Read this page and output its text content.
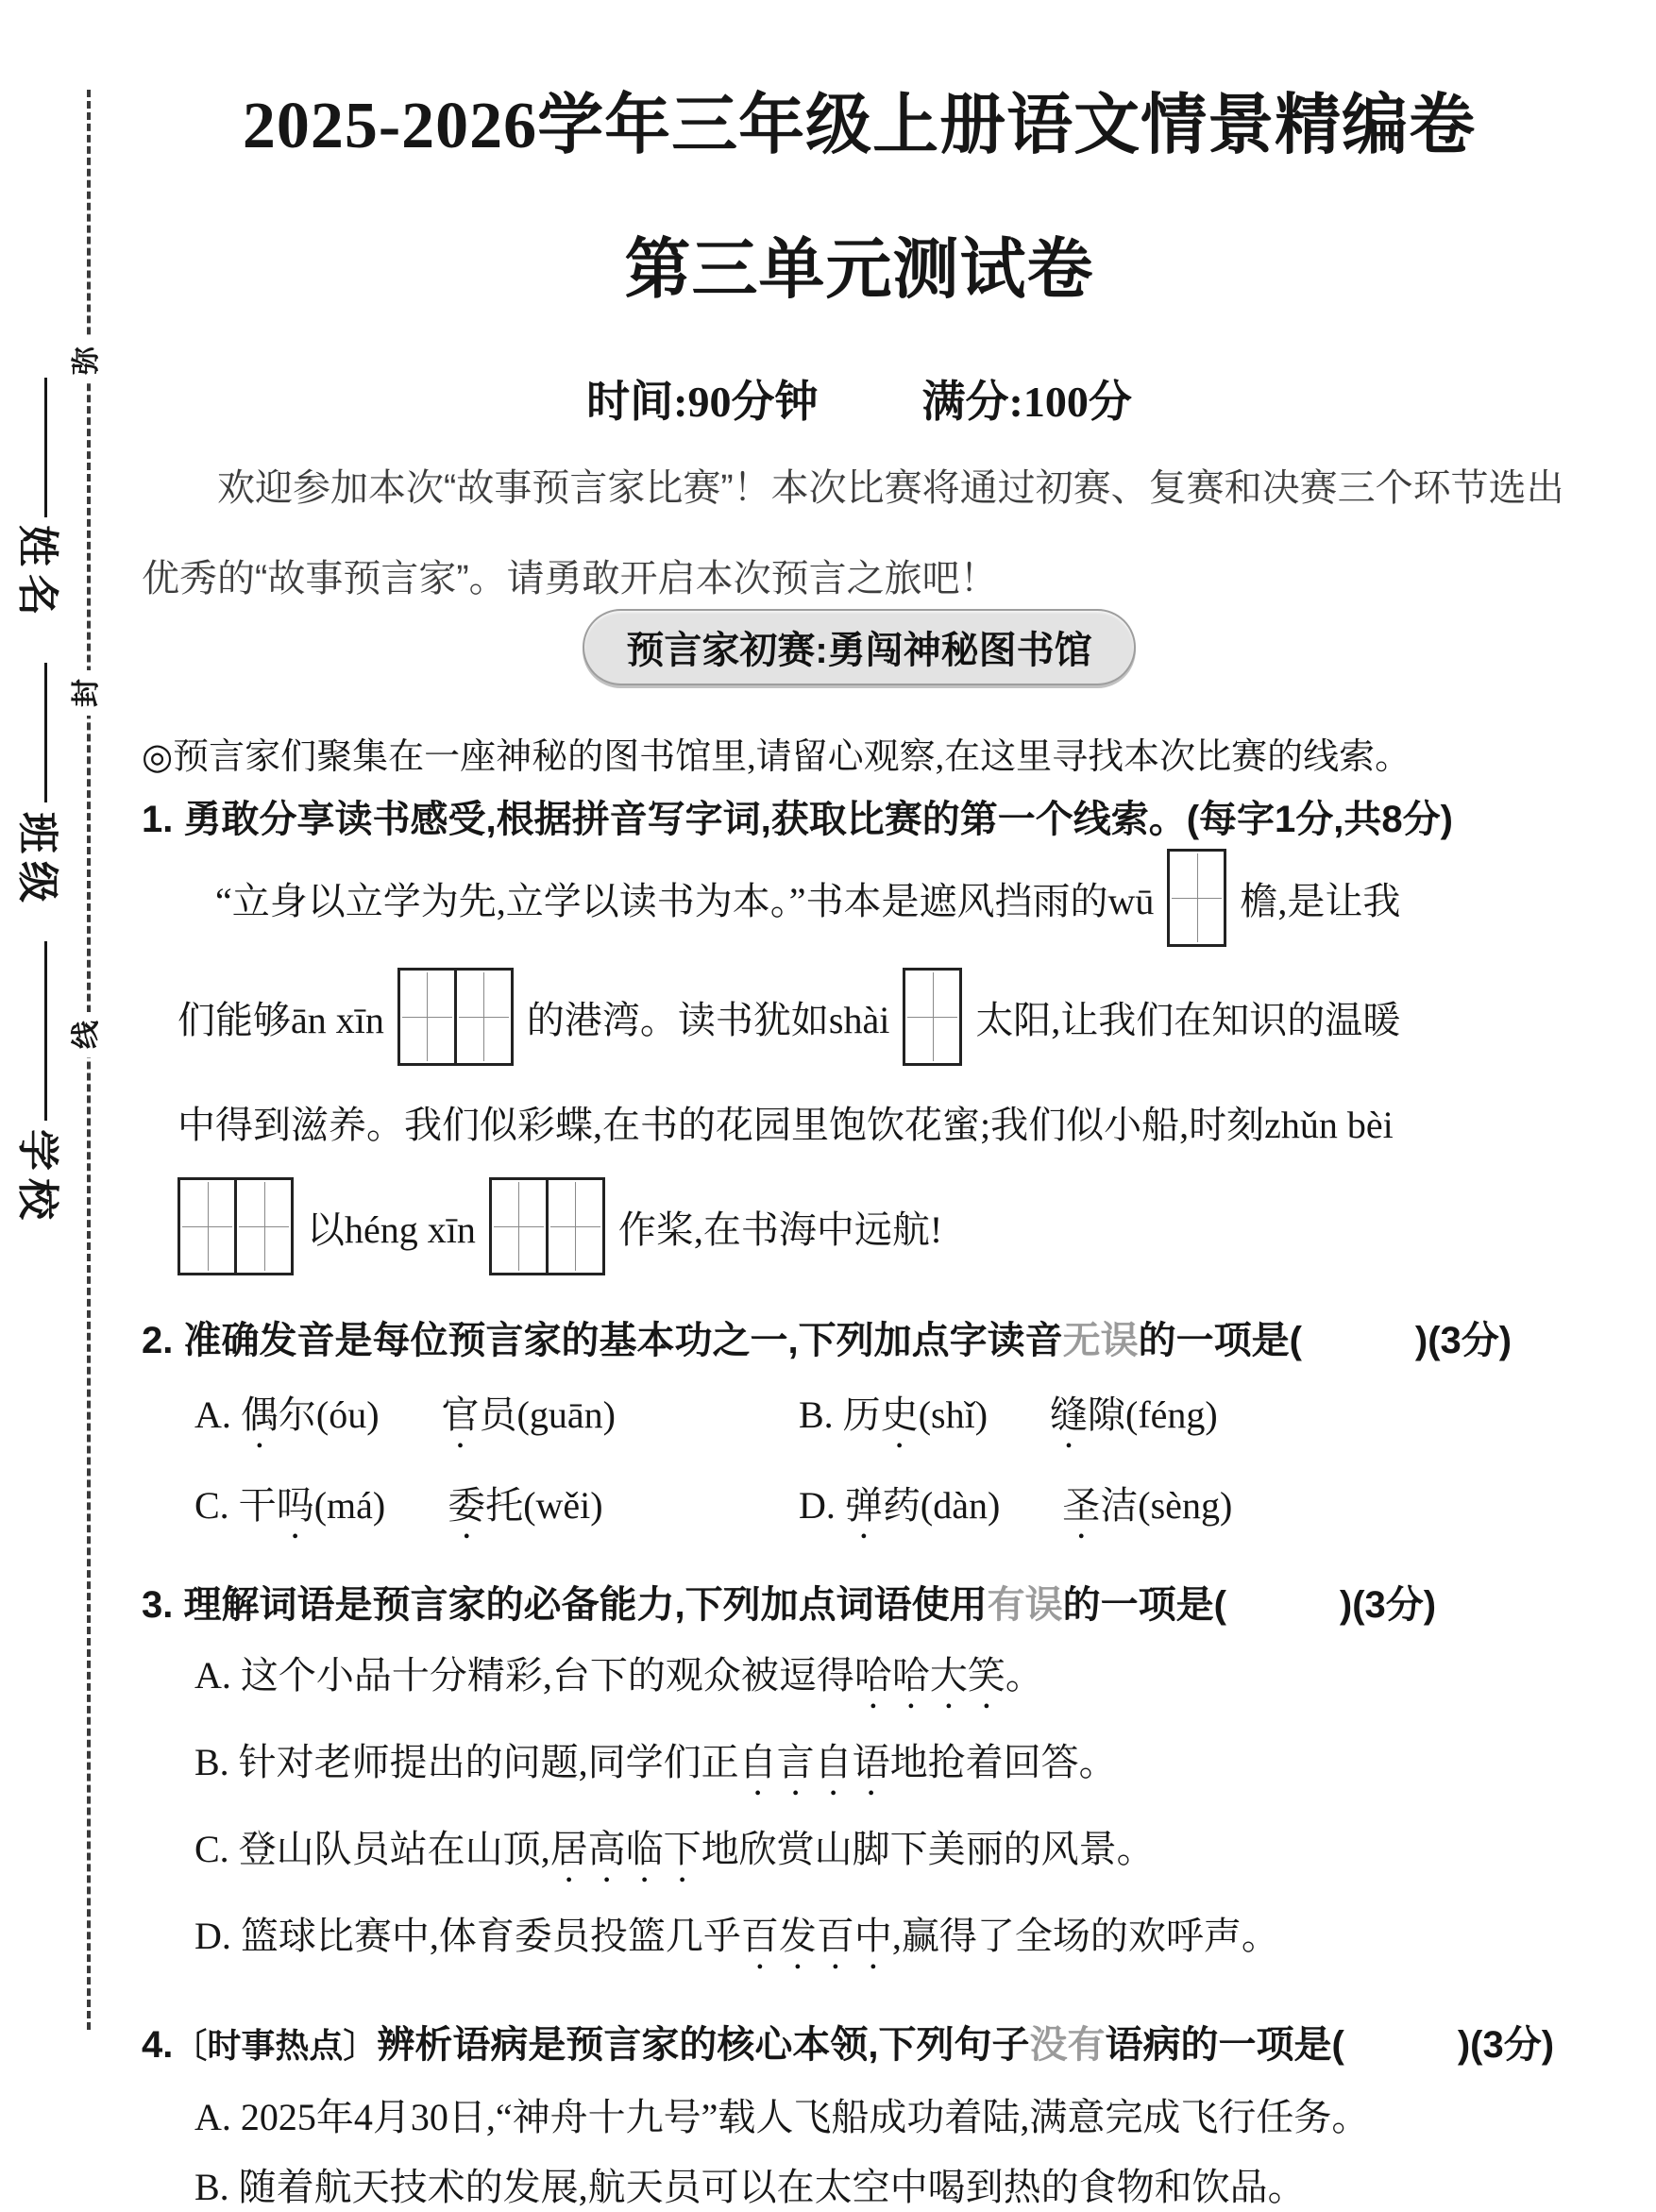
弥
封
线
姓名
班级
学校
2025-2026学年三年级上册语文情景精编卷
第三单元测试卷
时间:90分钟 满分:100分
欢迎参加本次“故事预言家比赛”！本次比赛将通过初赛、复赛和决赛三个环节选出优秀的“故事预言家”。请勇敢开启本次预言之旅吧！
预言家初赛:勇闯神秘图书馆
◎预言家们聚集在一座神秘的图书馆里,请留心观察,在这里寻找本次比赛的线索。
1. 勇敢分享读书感受,根据拼音写字词,获取比赛的第一个线索。(每字1分,共8分)
“立身以立学为先,立学以读书为本。”书本是遮风挡雨的wū 檐,是让我
们能够ān xīn	的港湾。读书犹如shài 太阳,让我们在知识的温暖
中得到滋养。我们似彩蝶,在书的花园里饱饮花蜜;我们似小船,时刻zhǔn bèi
以héng xīn	作桨,在书海中远航!
2. 准确发音是每位预言家的基本功之一,下列加点字读音无误的一项是(　　　)(3分)
A. 偶尔(óu) 官员(guān)	B. 历史(shǐ) 缝隙(féng)
C. 干吗(má) 委托(wěi)	D. 弹药(dàn) 圣洁(sèng)
3. 理解词语是预言家的必备能力,下列加点词语使用有误的一项是(　　　)(3分)
A. 这个小品十分精彩,台下的观众被逗得哈哈大笑。
B. 针对老师提出的问题,同学们正自言自语地抢着回答。
C. 登山队员站在山顶,居高临下地欣赏山脚下美丽的风景。
D. 篮球比赛中,体育委员投篮几乎百发百中,赢得了全场的欢呼声。
4.〔时事热点〕辨析语病是预言家的核心本领,下列句子没有语病的一项是(　　　)(3分)
A. 2025年4月30日,“神舟十九号”载人飞船成功着陆,满意完成飞行任务。
B. 随着航天技术的发展,航天员可以在太空中喝到热的食物和饮品。
